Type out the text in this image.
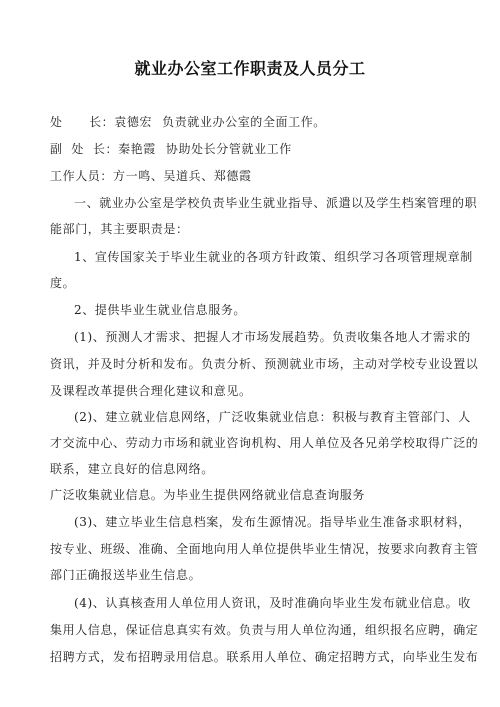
就业办公室工作职责及人员分工
处      长：袁德宏 负责就业办公室的全面工作。
副  处  长：秦艳霞 协助处长分管就业工作
工作人员：方一鸣、吴道兵、郑德霞
一、就业办公室是学校负责毕业生就业指导、派遣以及学生档案管理的职
能部门，其主要职责是：
1、宣传国家关于毕业生就业的各项方针政策、组织学习各项管理规章制
度。
2、提供毕业生就业信息服务。
(1)、预测人才需求、把握人才市场发展趋势。负责收集各地人才需求的
资讯，并及时分析和发布。负责分析、预测就业市场，主动对学校专业设置以
及课程改革提供合理化建议和意见。
(2)、建立就业信息网络，广泛收集就业信息：积极与教育主管部门、人
才交流中心、劳动力市场和就业咨询机构、用人单位及各兄弟学校取得广泛的
联系，建立良好的信息网络。
广泛收集就业信息。为毕业生提供网络就业信息查询服务
(3)、建立毕业生信息档案，发布生源情况。指导毕业生准备求职材料，
按专业、班级、准确、全面地向用人单位提供毕业生情况，按要求向教育主管
部门正确报送毕业生信息。
(4)、认真核查用人单位用人资讯，及时准确向毕业生发布就业信息。收
集用人信息，保证信息真实有效。负责与用人单位沟通，组织报名应聘，确定
招聘方式，发布招聘录用信息。联系用人单位、确定招聘方式，向毕业生发布
